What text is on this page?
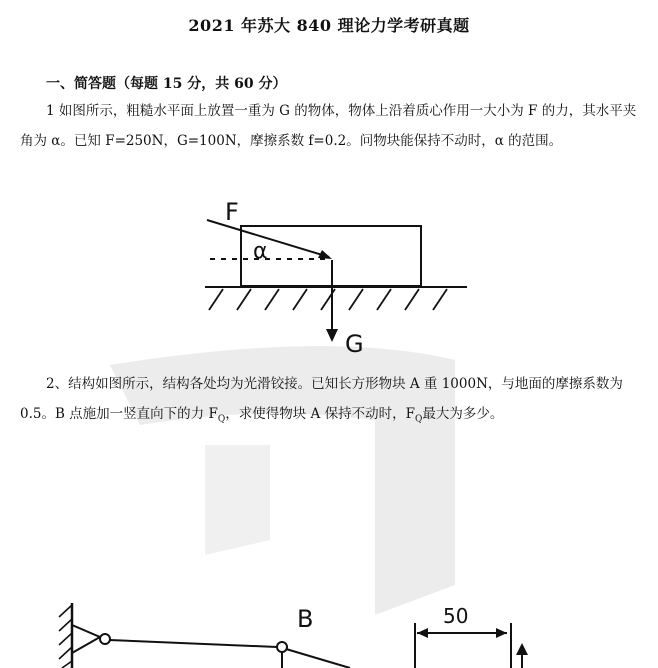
2021 年苏大 840 理论力学考研真题
一、简答题（每题 15 分，共 60 分）
1 如图所示，粗糙水平面上放置一重为 G 的物体，物体上沿着质心作用一大小为 F 的力，其水平夹角为 α。已知 F=250N，G=100N，摩擦系数 f=0.2。问物块能保持不动时，α 的范围。
F
α
G
2、结构如图所示，结构各处均为光滑铰接。已知长方形物块 A 重 1000N，与地面的摩擦系数为 0.5。B 点施加一竖直向下的力 $F_Q$，求使得物块 A 保持不动时，$F_Q$最大为多少。
B	50
